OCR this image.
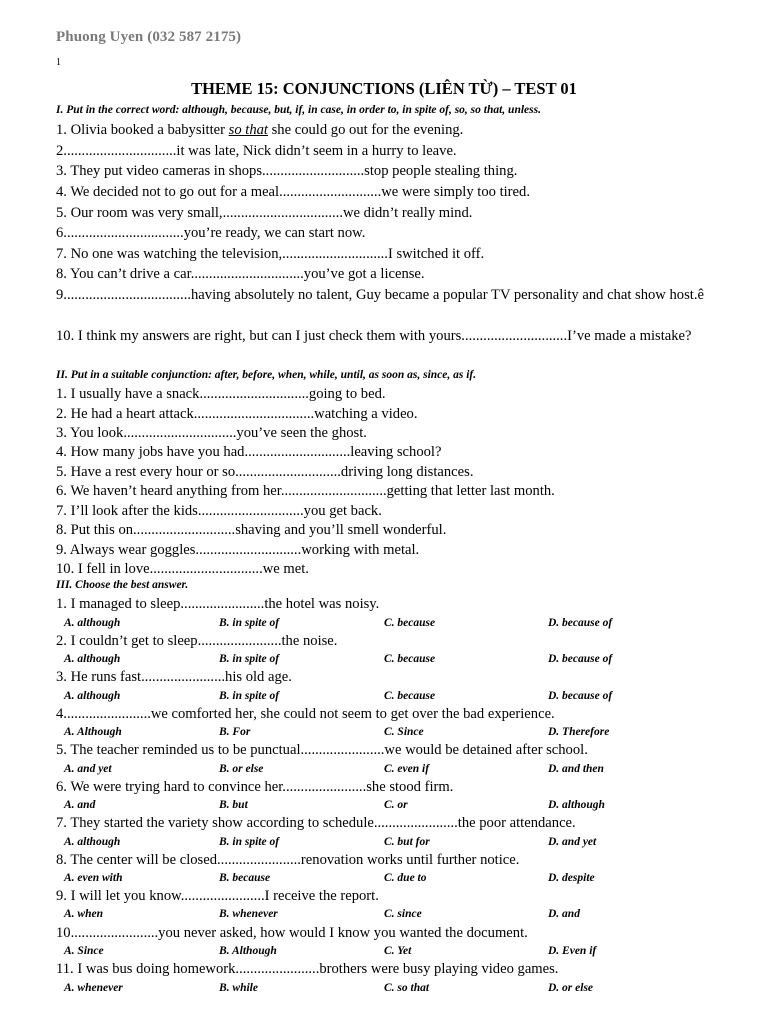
Phuong Uyen (032 587 2175)
1
THEME 15: CONJUNCTIONS (LIÊN TỪ) – TEST 01
I. Put in the correct word: although, because, but, if, in case, in order to, in spite of, so, so that, unless.
1. Olivia booked a babysitter so that she could go out for the evening.
2...............................it was late, Nick didn’t seem in a hurry to leave.
3. They put video cameras in shops............................stop people stealing thing.
4. We decided not to go out for a meal............................we were simply too tired.
5. Our room was very small,.................................we didn’t really mind.
6.................................you’re ready, we can start now.
7. No one was watching the television,.............................I switched it off.
8. You can’t drive a car...............................you’ve got a license.
9...................................having absolutely no talent, Guy became a popular TV personality and chat show host.ê
10. I think my answers are right, but can I just check them with yours.............................I’ve made a mistake?
II. Put in a suitable conjunction: after, before, when, while, until, as soon as, since, as if.
1. I usually have a snack..............................going to bed.
2. He had a heart attack.................................watching a video.
3. You look...............................you’ve seen the ghost.
4. How many jobs have you had.............................leaving school?
5. Have a rest every hour or so.............................driving long distances.
6. We haven’t heard anything from her.............................getting that letter last month.
7. I’ll look after the kids.............................you get back.
8. Put this on............................shaving and you’ll smell wonderful.
9. Always wear goggles.............................working with metal.
10. I fell in love...............................we met.
III. Choose the best answer.
1. I managed to sleep.......................the hotel was noisy.
A. although	B. in spite of	C. because	D. because of
2. I couldn’t get to sleep.......................the noise.
A. although	B. in spite of	C. because	D. because of
3. He runs fast.......................his old age.
A. although	B. in spite of	C. because	D. because of
4........................we comforted her, she could not seem to get over the bad experience.
A. Although	B. For	C. Since	D. Therefore
5. The teacher reminded us to be punctual.......................we would be detained after school.
A. and yet	B. or else	C. even if	D. and then
6. We were trying hard to convince her.......................she stood firm.
A. and	B. but	C. or	D. although
7. They started the variety show according to schedule.......................the poor attendance.
A. although	B. in spite of	C. but for	D. and yet
8. The center will be closed.......................renovation works until further notice.
A. even with	B. because	C. due to	D. despite
9. I will let you know.......................I receive the report.
A. when	B. whenever	C. since	D. and
10........................you never asked, how would I know you wanted the document.
A. Since	B. Although	C. Yet	D. Even if
11. I was bus doing homework.......................brothers were busy playing video games.
A. whenever	B. while	C. so that	D. or else
